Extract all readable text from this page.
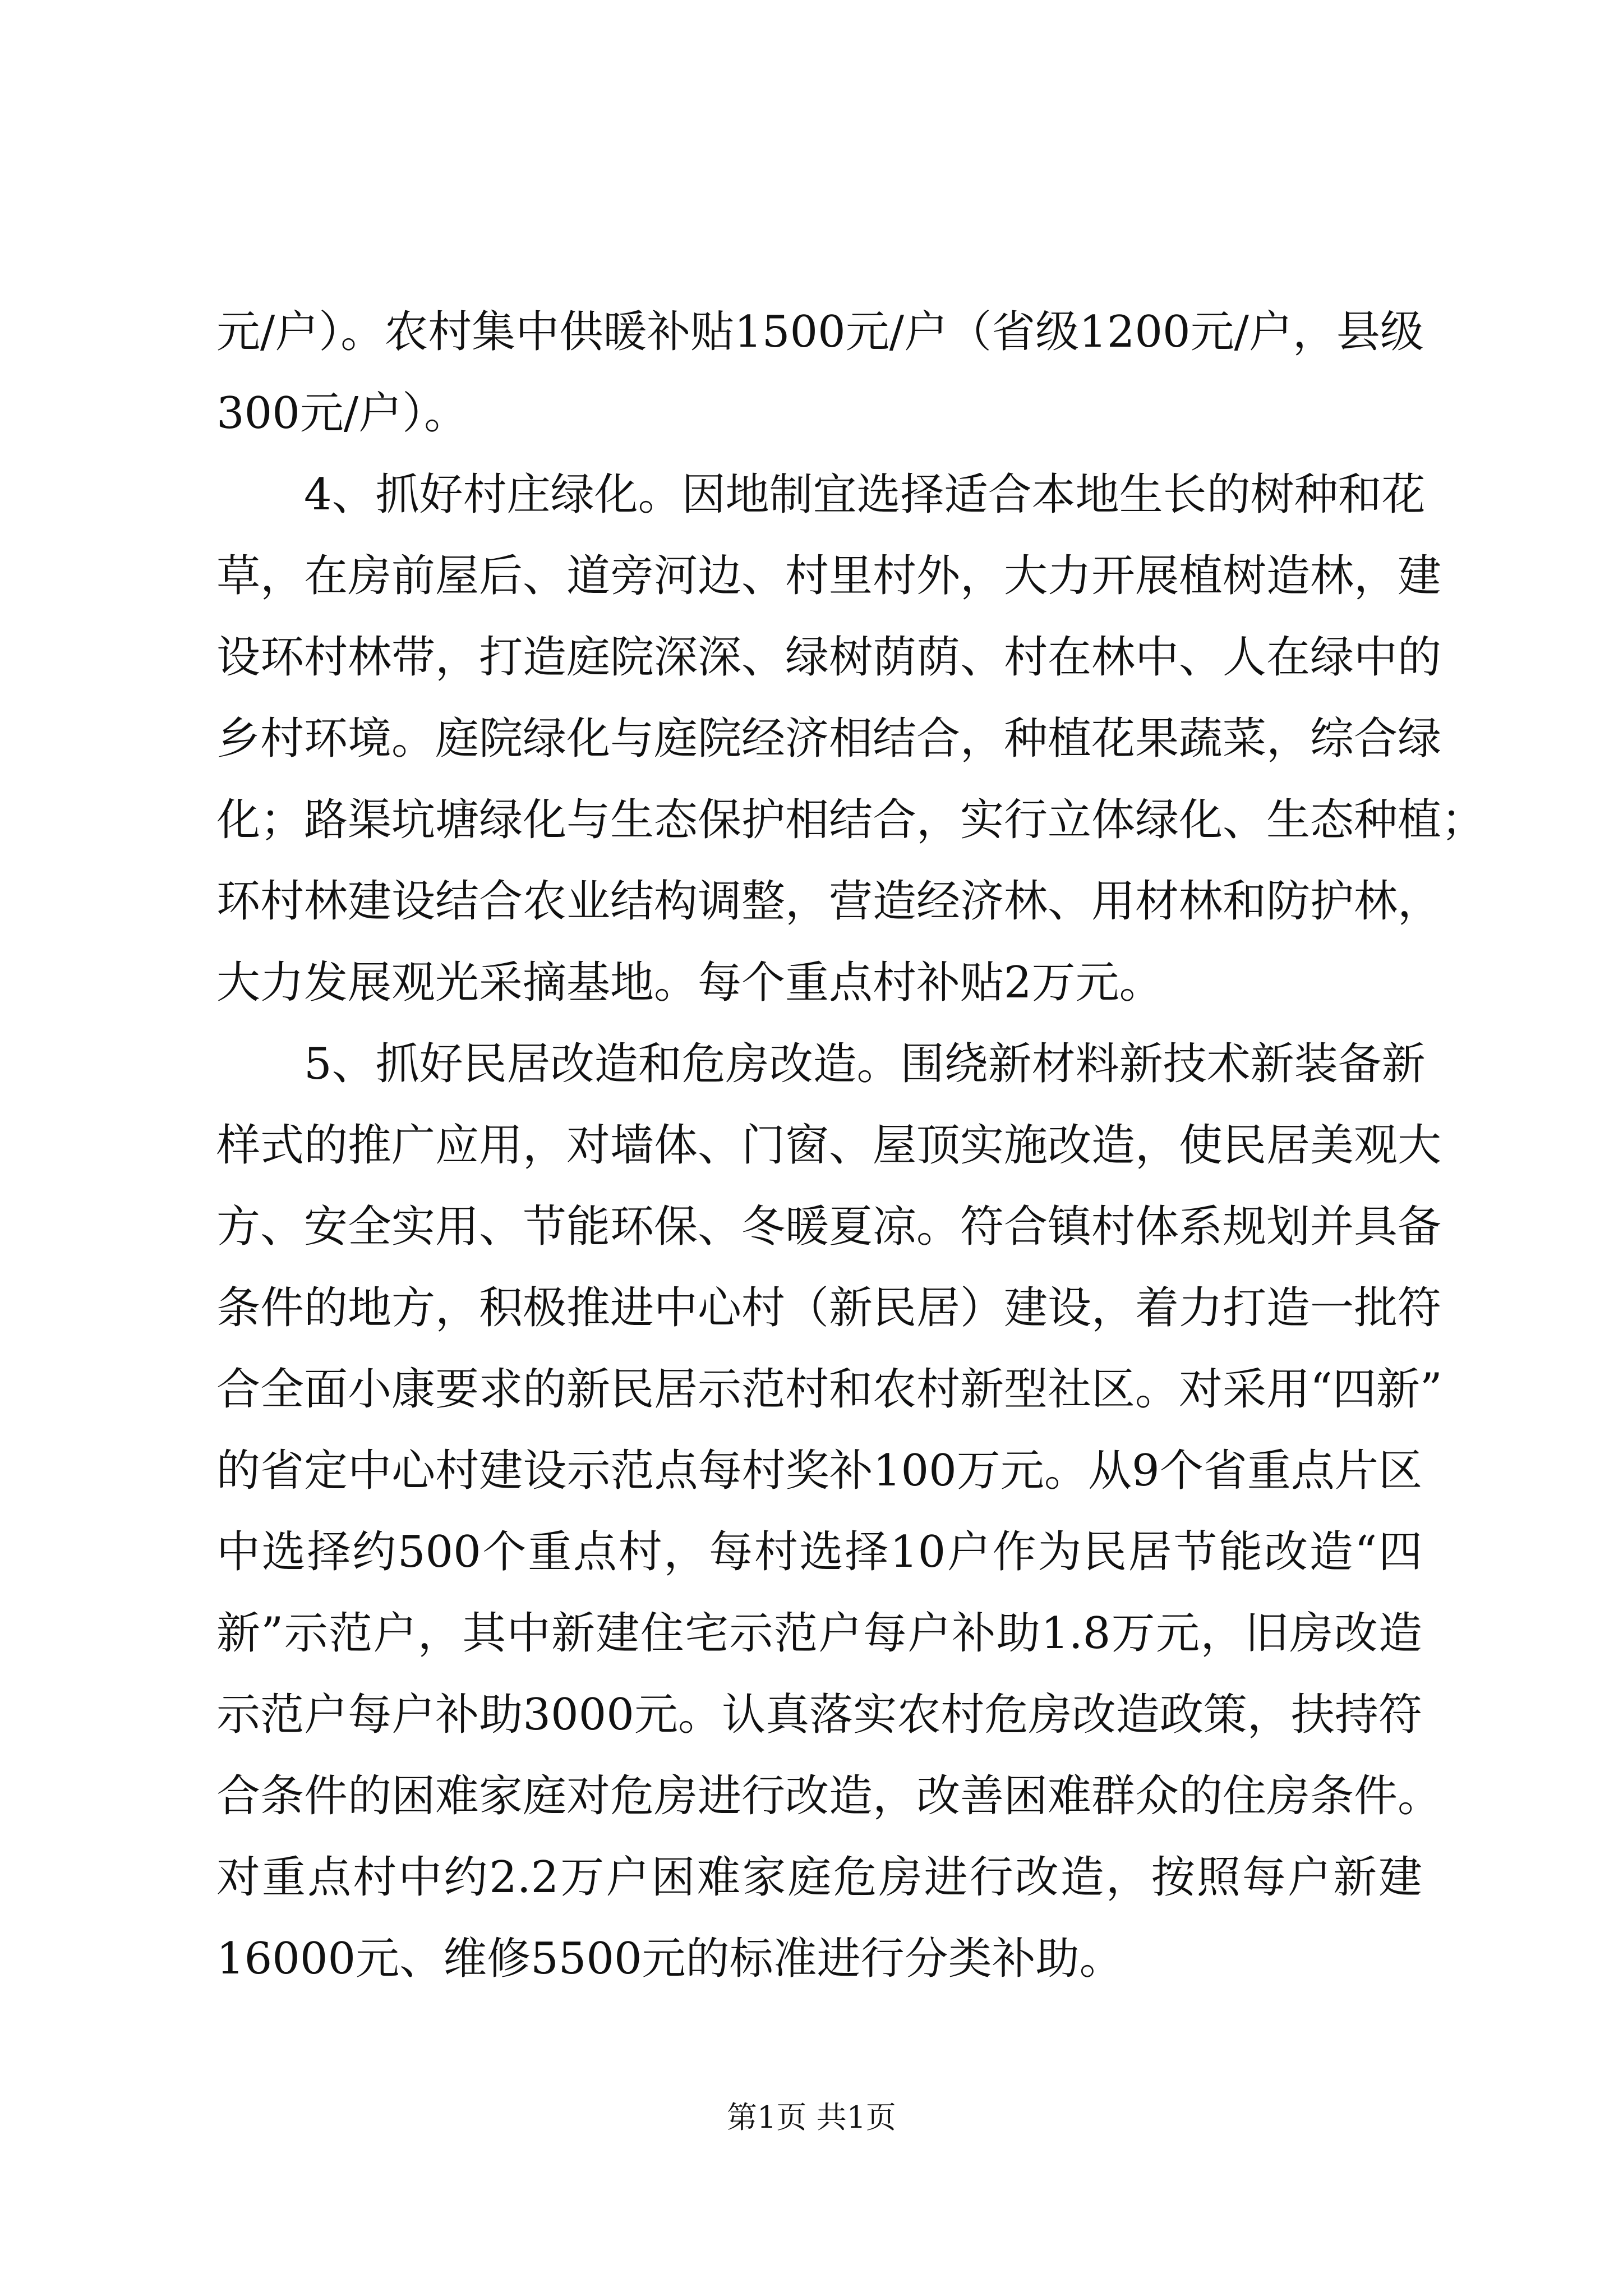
元/户）。农村集中供暖补贴1500元/户（省级1200元/户，县级
300元/户）。
　　4、抓好村庄绿化。因地制宜选择适合本地生长的树种和花
草，在房前屋后、道旁河边、村里村外，大力开展植树造林，建
设环村林带，打造庭院深深、绿树荫荫、村在林中、人在绿中的
乡村环境。庭院绿化与庭院经济相结合，种植花果蔬菜，综合绿
化；路渠坑塘绿化与生态保护相结合，实行立体绿化、生态种植；
环村林建设结合农业结构调整，营造经济林、用材林和防护林，
大力发展观光采摘基地。每个重点村补贴2万元。
　　5、抓好民居改造和危房改造。围绕新材料新技术新装备新
样式的推广应用，对墙体、门窗、屋顶实施改造，使民居美观大
方、安全实用、节能环保、冬暖夏凉。符合镇村体系规划并具备
条件的地方，积极推进中心村（新民居）建设，着力打造一批符
合全面小康要求的新民居示范村和农村新型社区。对采用“四新”
的省定中心村建设示范点每村奖补100万元。从9个省重点片区
中选择约500个重点村，每村选择10户作为民居节能改造“四
新”示范户，其中新建住宅示范户每户补助1.8万元，旧房改造
示范户每户补助3000元。认真落实农村危房改造政策，扶持符
合条件的困难家庭对危房进行改造，改善困难群众的住房条件。
对重点村中约2.2万户困难家庭危房进行改造，按照每户新建
16000元、维修5500元的标准进行分类补助。
第1页 共1页
